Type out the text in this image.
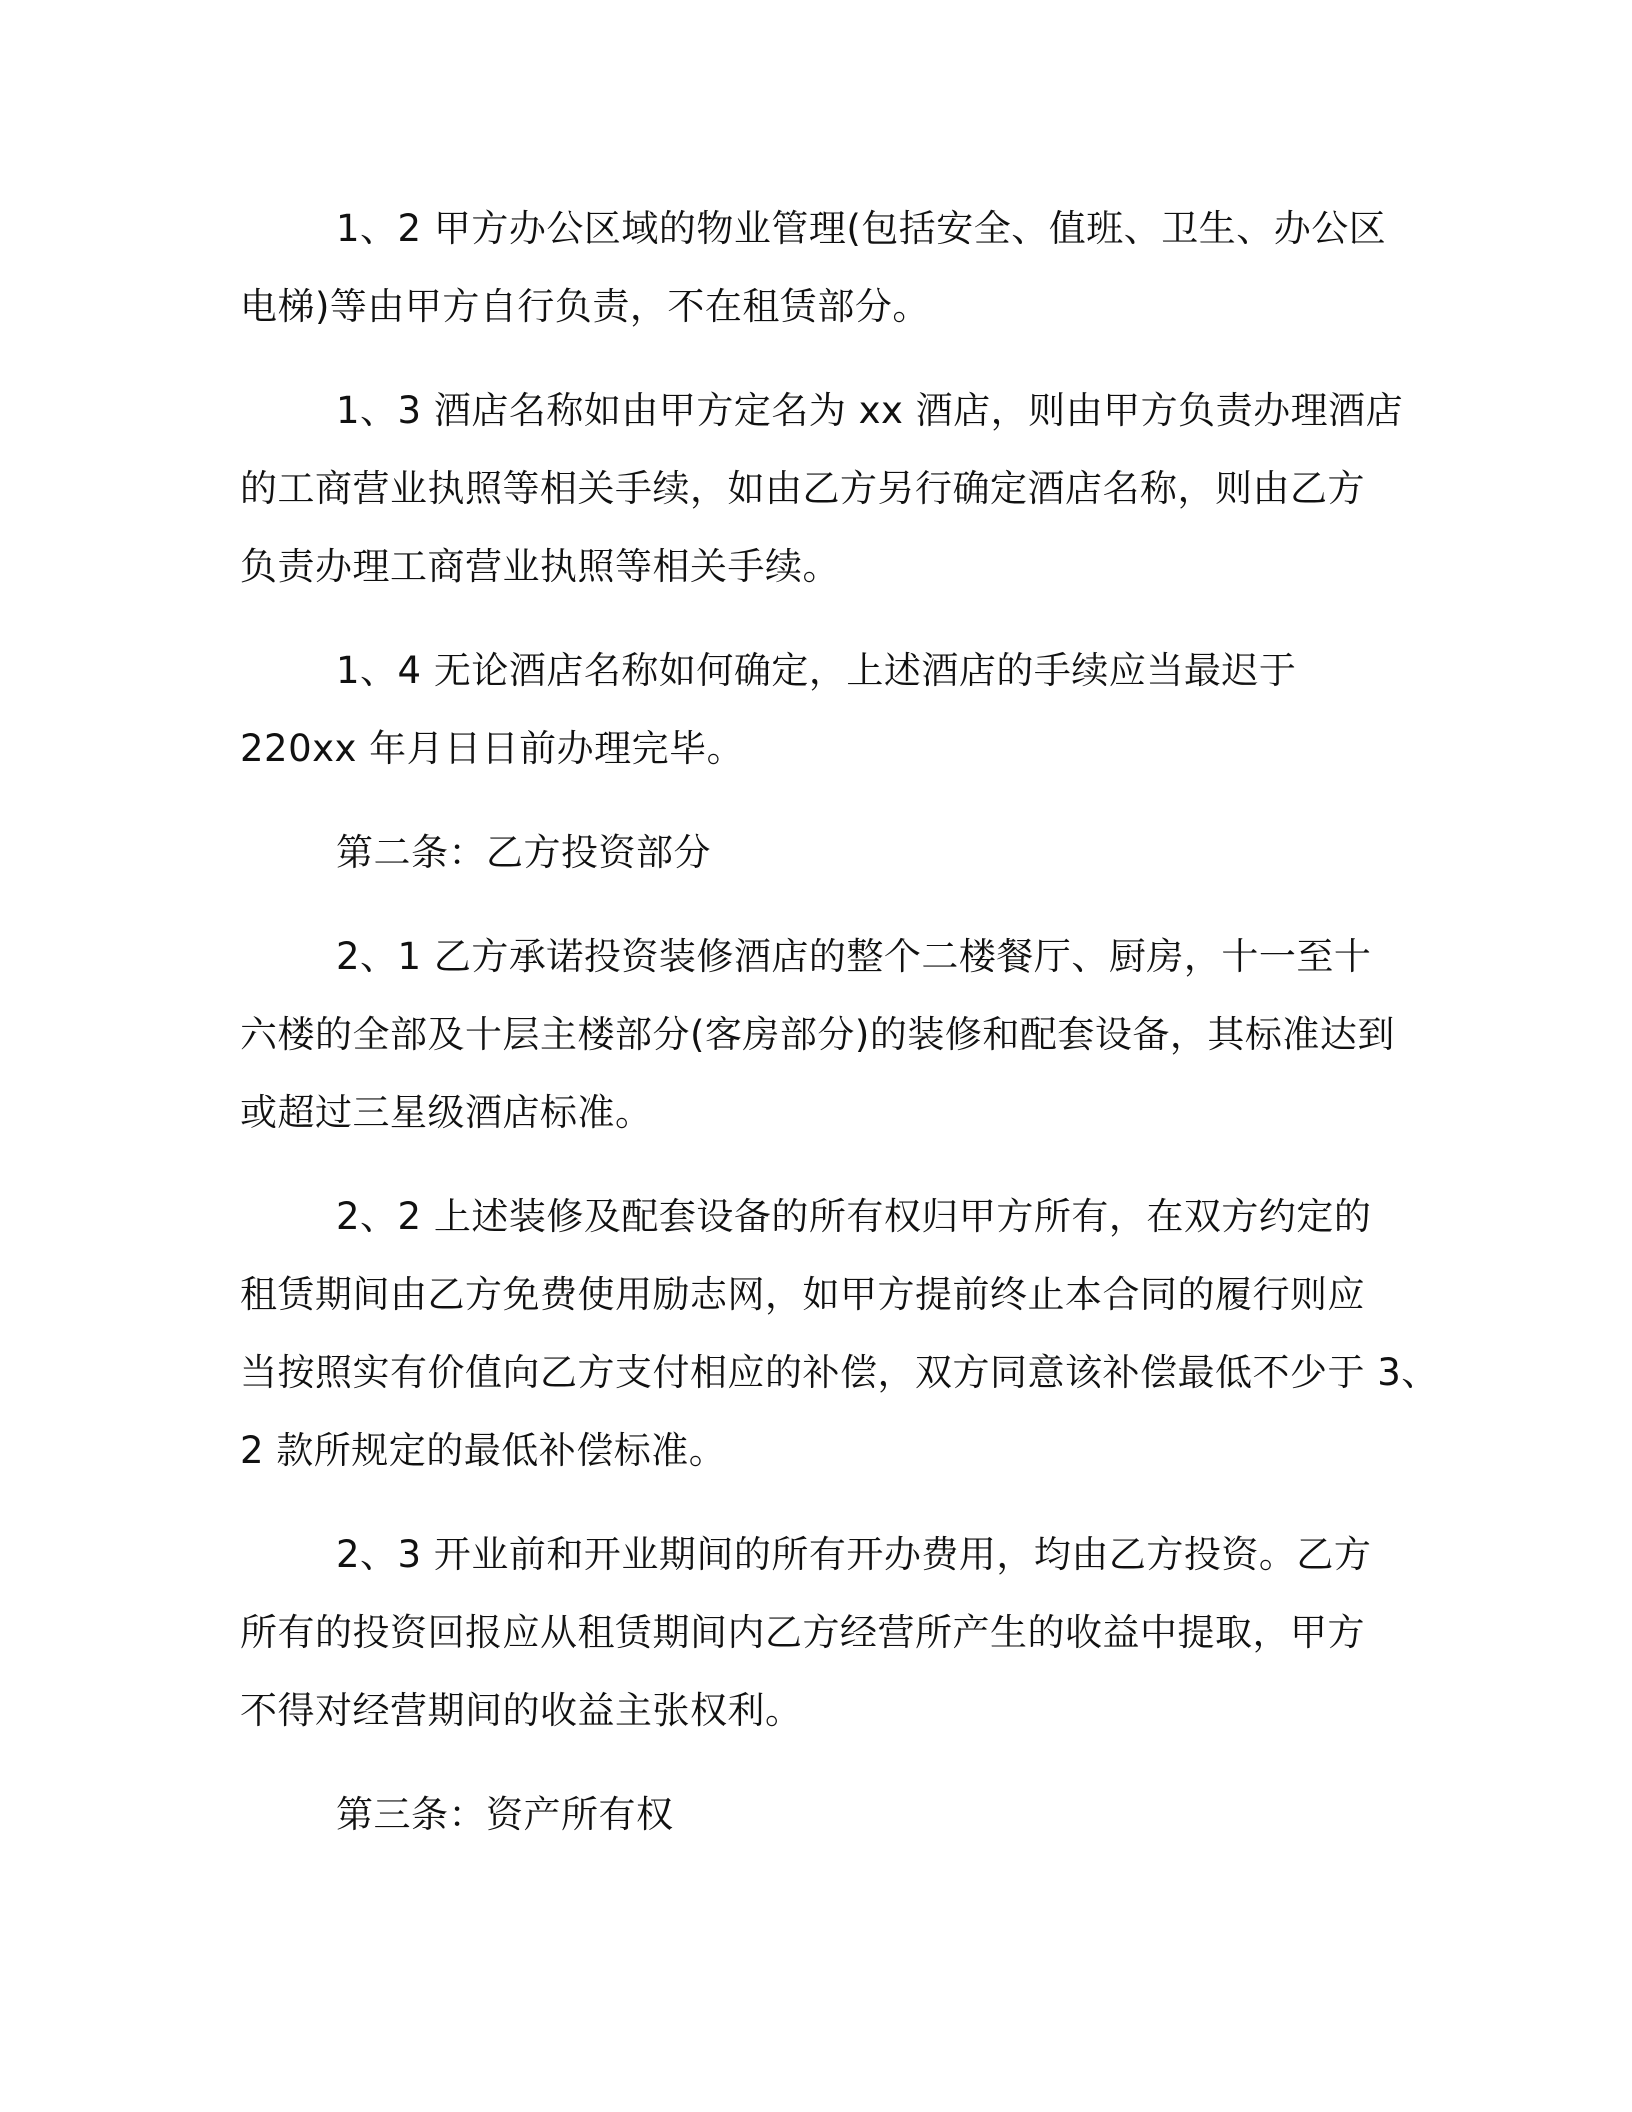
1、2 甲方办公区域的物业管理(包括安全、值班、卫生、办公区
电梯)等由甲方自行负责，不在租赁部分。

1、3 酒店名称如由甲方定名为 xx 酒店，则由甲方负责办理酒店
的工商营业执照等相关手续，如由乙方另行确定酒店名称，则由乙方
负责办理工商营业执照等相关手续。

1、4 无论酒店名称如何确定，上述酒店的手续应当最迟于
220xx 年月日日前办理完毕。

第二条：乙方投资部分

2、1 乙方承诺投资装修酒店的整个二楼餐厅、厨房，十一至十
六楼的全部及十层主楼部分(客房部分)的装修和配套设备，其标准达到
或超过三星级酒店标准。

2、2 上述装修及配套设备的所有权归甲方所有，在双方约定的
租赁期间由乙方免费使用励志网，如甲方提前终止本合同的履行则应
当按照实有价值向乙方支付相应的补偿，双方同意该补偿最低不少于 3、
2 款所规定的最低补偿标准。

2、3 开业前和开业期间的所有开办费用，均由乙方投资。乙方
所有的投资回报应从租赁期间内乙方经营所产生的收益中提取，甲方
不得对经营期间的收益主张权利。

第三条：资产所有权
